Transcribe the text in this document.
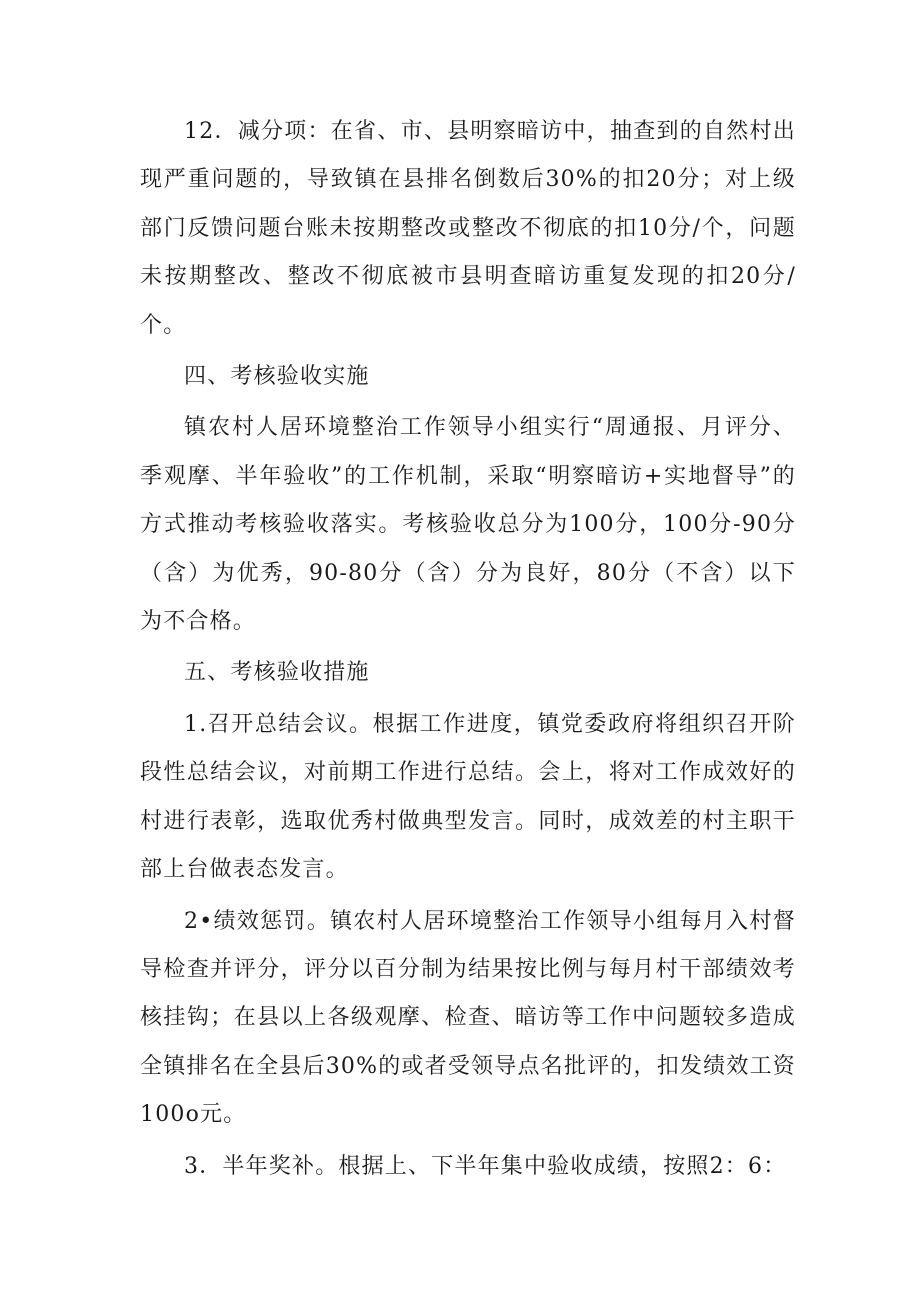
12．减分项：在省、市、县明察暗访中，抽查到的自然村出现严重问题的，导致镇在县排名倒数后30%的扣20分；对上级部门反馈问题台账未按期整改或整改不彻底的扣10分/个，问题未按期整改、整改不彻底被市县明查暗访重复发现的扣20分/个。

四、考核验收实施

镇农村人居环境整治工作领导小组实行“周通报、月评分、季观摩、半年验收”的工作机制，采取“明察暗访+实地督导”的方式推动考核验收落实。考核验收总分为100分，100分-90分（含）为优秀，90-80分（含）分为良好，80分（不含）以下为不合格。

五、考核验收措施

1.召开总结会议。根据工作进度，镇党委政府将组织召开阶段性总结会议，对前期工作进行总结。会上，将对工作成效好的村进行表彰，选取优秀村做典型发言。同时，成效差的村主职干部上台做表态发言。

2•绩效惩罚。镇农村人居环境整治工作领导小组每月入村督导检查并评分，评分以百分制为结果按比例与每月村干部绩效考核挂钩；在县以上各级观摩、检查、暗访等工作中问题较多造成全镇排名在全县后30%的或者受领导点名批评的，扣发绩效工资100o元。

3．半年奖补。根据上、下半年集中验收成绩，按照2：6：
